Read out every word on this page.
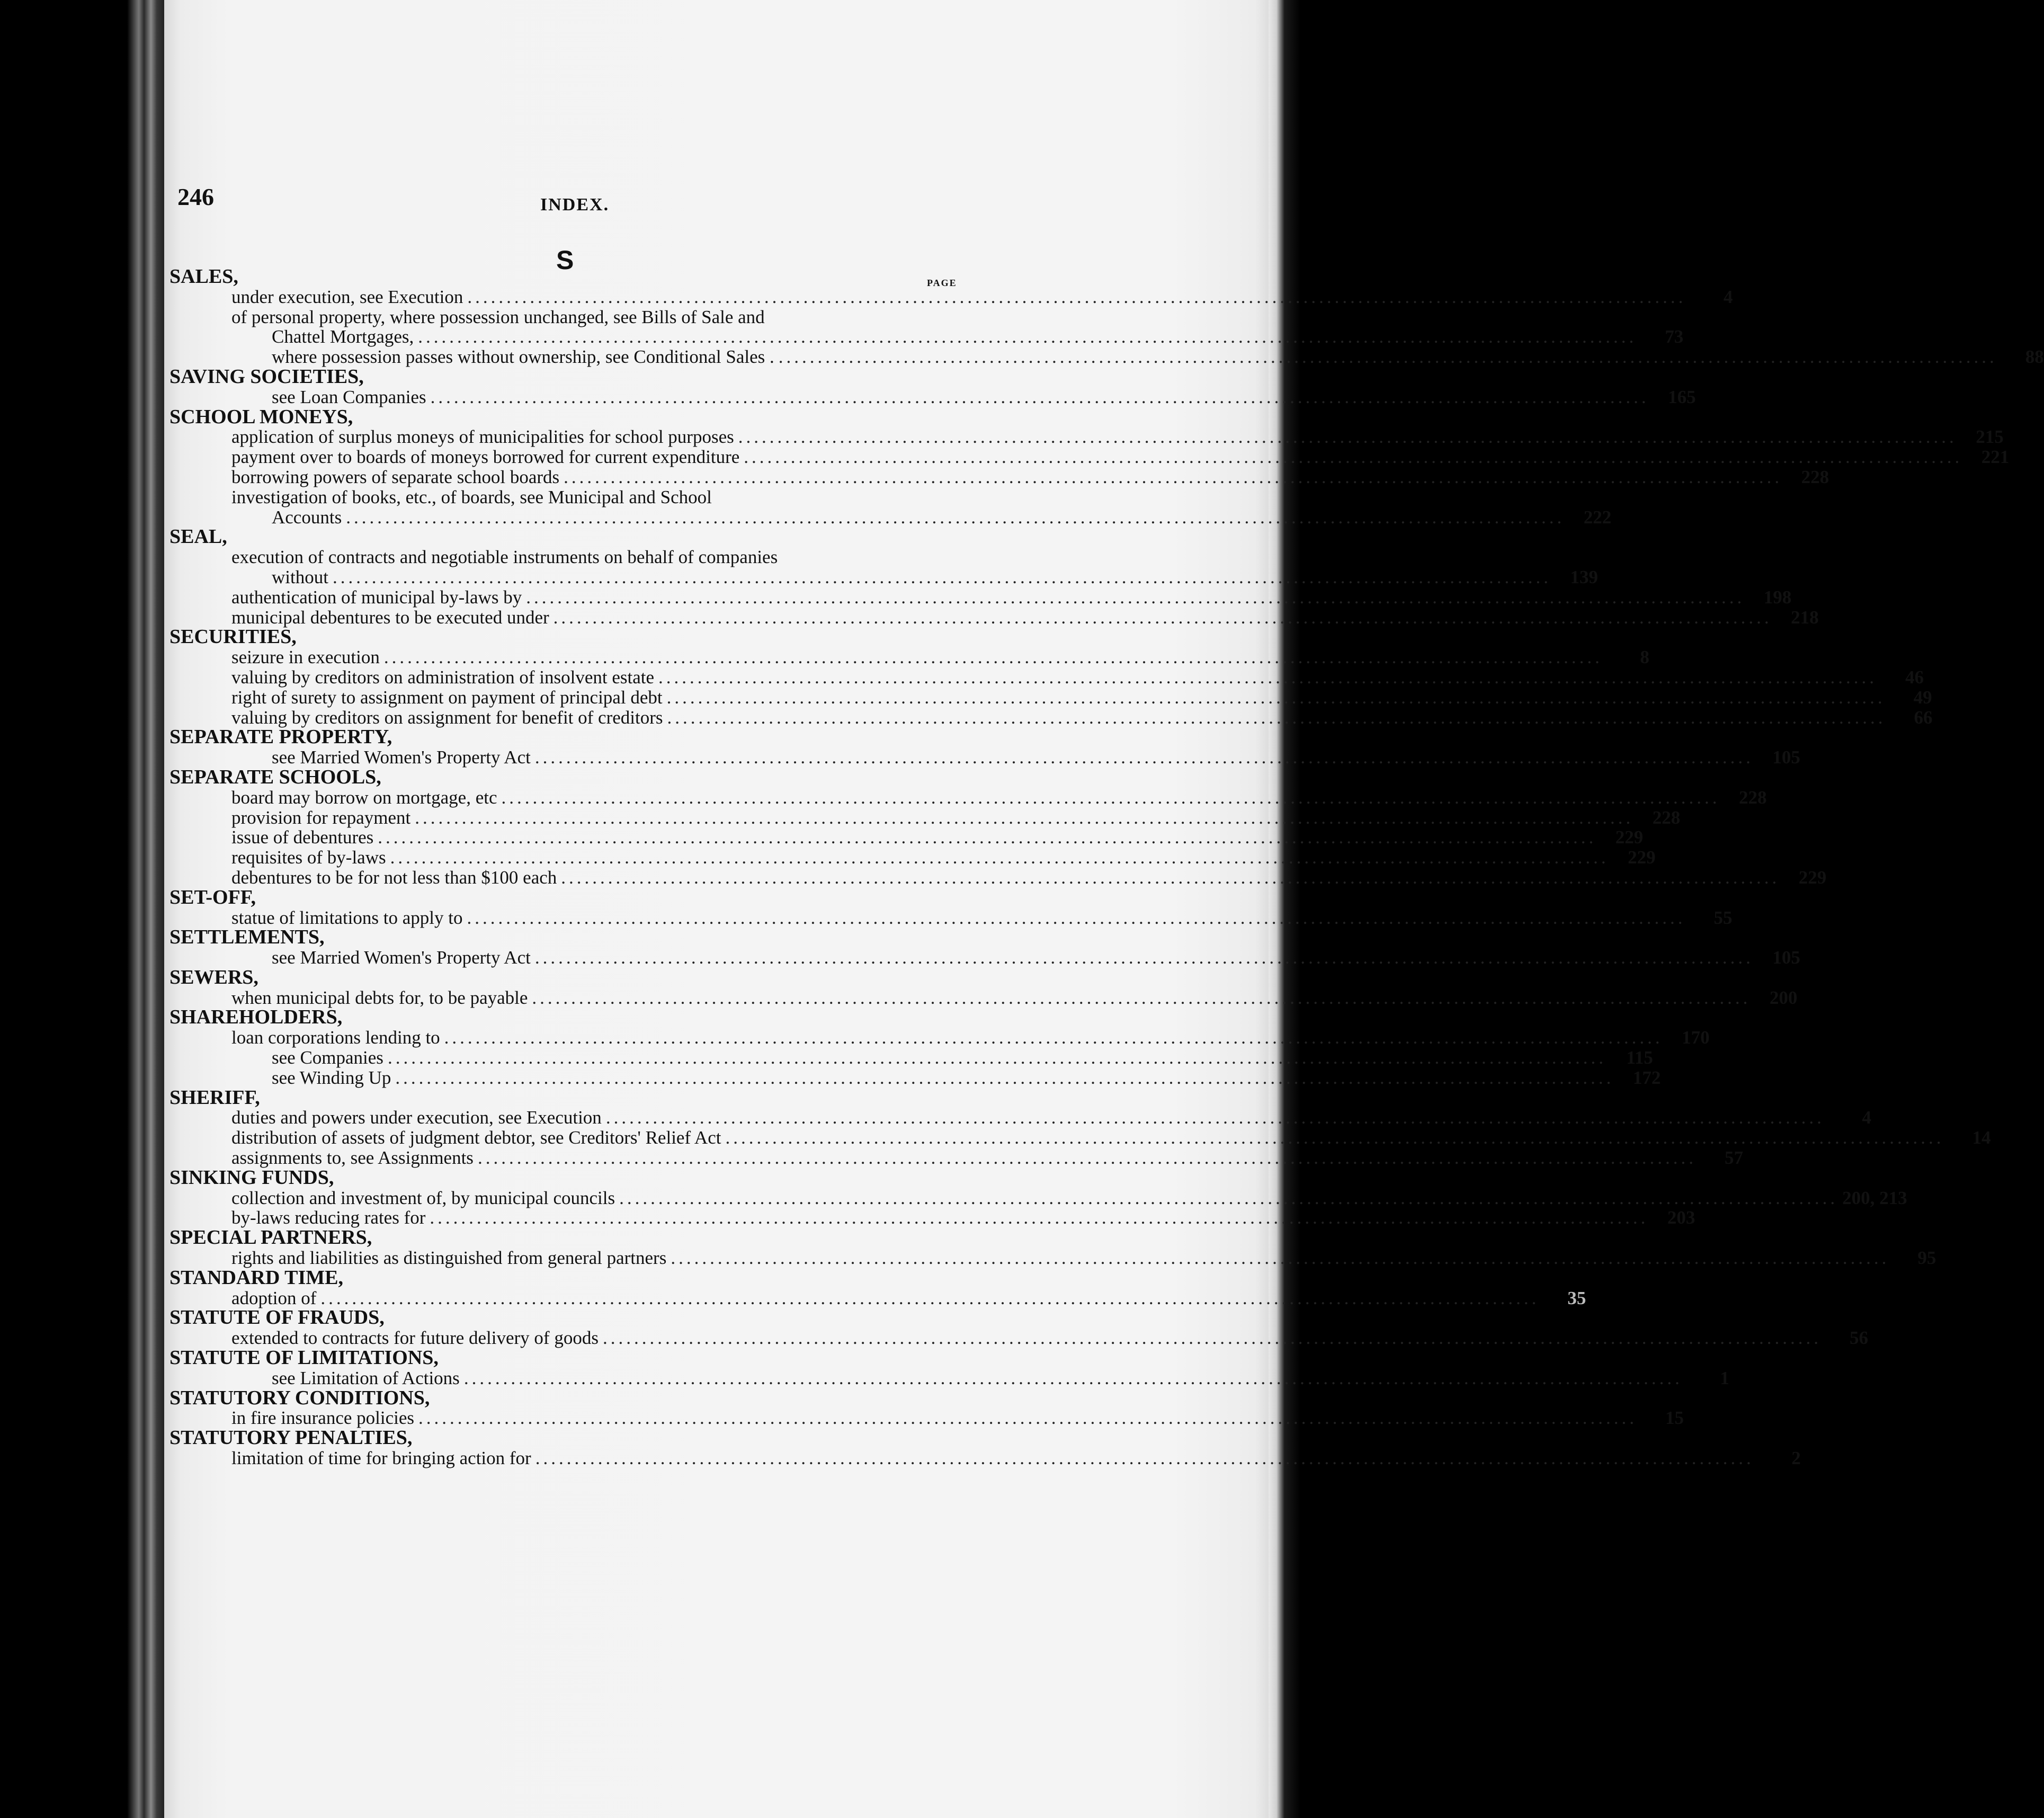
246	INDEX.
S
PAGE
SALES,
under execution, see Execution ............................................................................................................................................................	4
of personal property, where possession unchanged, see Bills of Sale and
Chattel Mortgages, ............................................................................................................................................................	73
where possession passes without ownership, see Conditional Sales . ............................................................................................................................................................	88
SAVING SOCIETIES,
see Loan Companies ............................................................................................................................................................	165
SCHOOL MONEYS,
application of surplus moneys of municipalities for school purposes ............................................................................................................................................................	215
payment over to boards of moneys borrowed for current expenditure ............................................................................................................................................................	221
borrowing powers of separate school boards ............................................................................................................................................................	228
investigation of books, etc., of boards, see Municipal and School
Accounts ............................................................................................................................................................	222
SEAL,
execution of contracts and negotiable instruments on behalf of companies
without ............................................................................................................................................................	139
authentication of municipal by-laws by ............................................................................................................................................................	198
municipal debentures to be executed under ............................................................................................................................................................	218
SECURITIES,
seizure in execution ............................................................................................................................................................	8
valuing by creditors on administration of insolvent estate ............................................................................................................................................................	46
right of surety to assignment on payment of principal debt ............................................................................................................................................................	49
valuing by creditors on assignment for benefit of creditors ............................................................................................................................................................	66
SEPARATE PROPERTY,
see Married Women's Property Act ............................................................................................................................................................	105
SEPARATE SCHOOLS,
board may borrow on mortgage, etc ............................................................................................................................................................	228
provision for repayment ............................................................................................................................................................	228
issue of debentures ............................................................................................................................................................	229
requisites of by-laws ............................................................................................................................................................	229
debentures to be for not less than $100 each ............................................................................................................................................................	229
SET-OFF,
statue of limitations to apply to ............................................................................................................................................................	55
SETTLEMENTS,
see Married Women's Property Act ............................................................................................................................................................	105
SEWERS,
when municipal debts for, to be payable ............................................................................................................................................................	200
SHAREHOLDERS,
loan corporations lending to ............................................................................................................................................................	170
see Companies ............................................................................................................................................................	115
see Winding Up ............................................................................................................................................................	172
SHERIFF,
duties and powers under execution, see Execution ............................................................................................................................................................	4
distribution of assets of judgment debtor, see Creditors' Relief Act ............................................................................................................................................................	14
assignments to, see Assignments ............................................................................................................................................................	57
SINKING FUNDS,
collection and investment of, by municipal councils ............................................................................................................................................................ 200, 213
by-laws reducing rates for ............................................................................................................................................................	203
SPECIAL PARTNERS,
rights and liabilities as distinguished from general partners ............................................................................................................................................................	95
STANDARD TIME,
adoption of ............................................................................................................................................................	35
STATUTE OF FRAUDS,
extended to contracts for future delivery of goods ............................................................................................................................................................	56
STATUTE OF LIMITATIONS,
see Limitation of Actions ............................................................................................................................................................	1
STATUTORY CONDITIONS,
in fire insurance policies ............................................................................................................................................................	15
STATUTORY PENALTIES,
limitation of time for bringing action for ............................................................................................................................................................	2
